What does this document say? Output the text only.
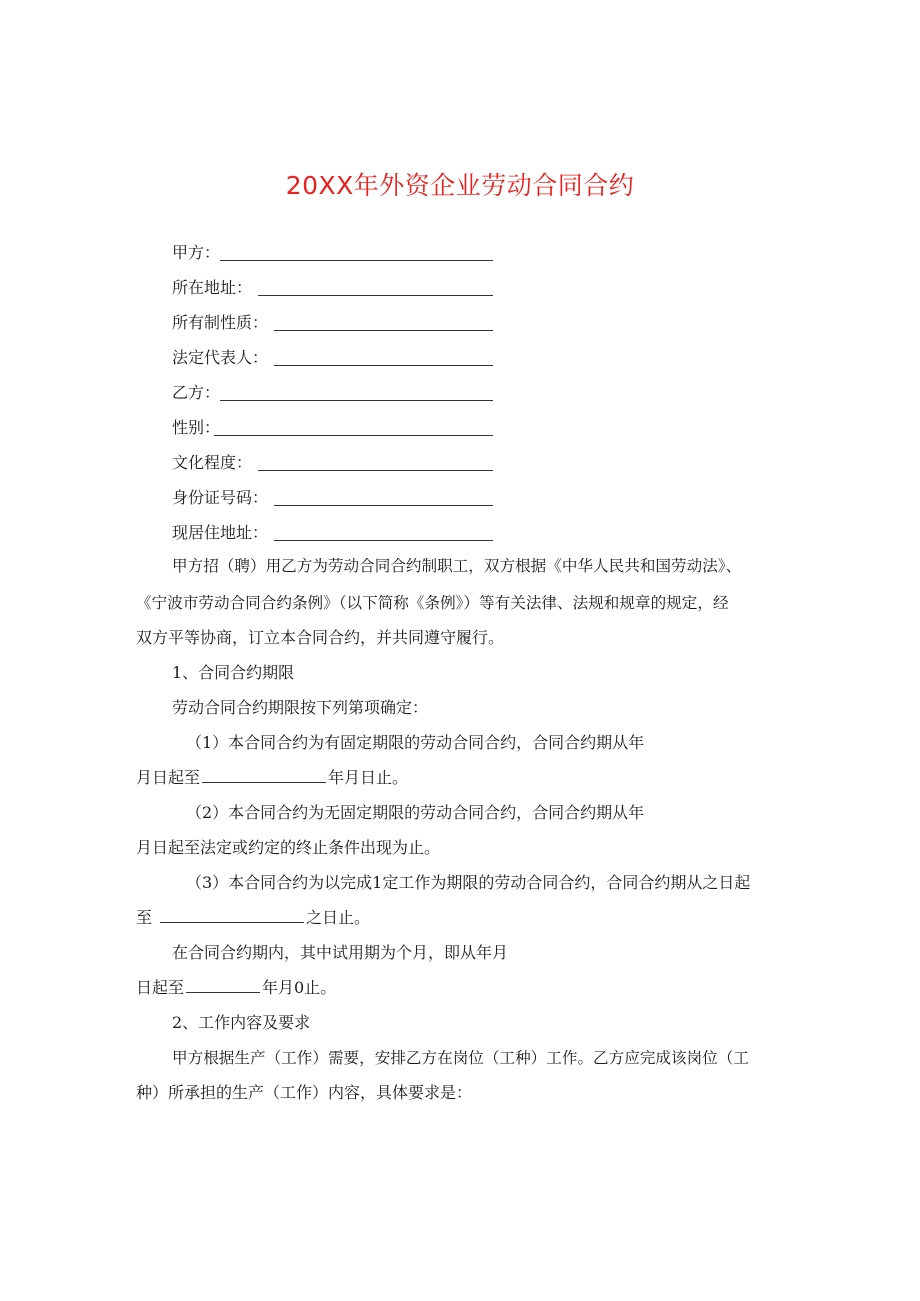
20XX年外资企业劳动合同合约
甲方：
所在地址：
所有制性质：
法定代表人：
乙方：
性别：
文化程度：
身份证号码：
现居住地址：
甲方招（聘）用乙方为劳动合同合约制职工，双方根据《中华人民共和国劳动法》、
《宁波市劳动合同合约条例》（以下简称《条例》）等有关法律、法规和规章的规定，经
双方平等协商，订立本合同合约，并共同遵守履行。
1、合同合约期限
劳动合同合约期限按下列第项确定：
（1）本合同合约为有固定期限的劳动合同合约，合同合约期从年
月日起至	年月日止。
（2）本合同合约为无固定期限的劳动合同合约，合同合约期从年
月日起至法定或约定的终止条件出现为止。
（3）本合同合约为以完成1定工作为期限的劳动合同合约，合同合约期从之日起
至	之日止。
在合同合约期内，其中试用期为个月，即从年月
日起至	年月0止。
2、工作内容及要求
甲方根据生产（工作）需要，安排乙方在岗位（工种）工作。乙方应完成该岗位（工
种）所承担的生产（工作）内容，具体要求是：
